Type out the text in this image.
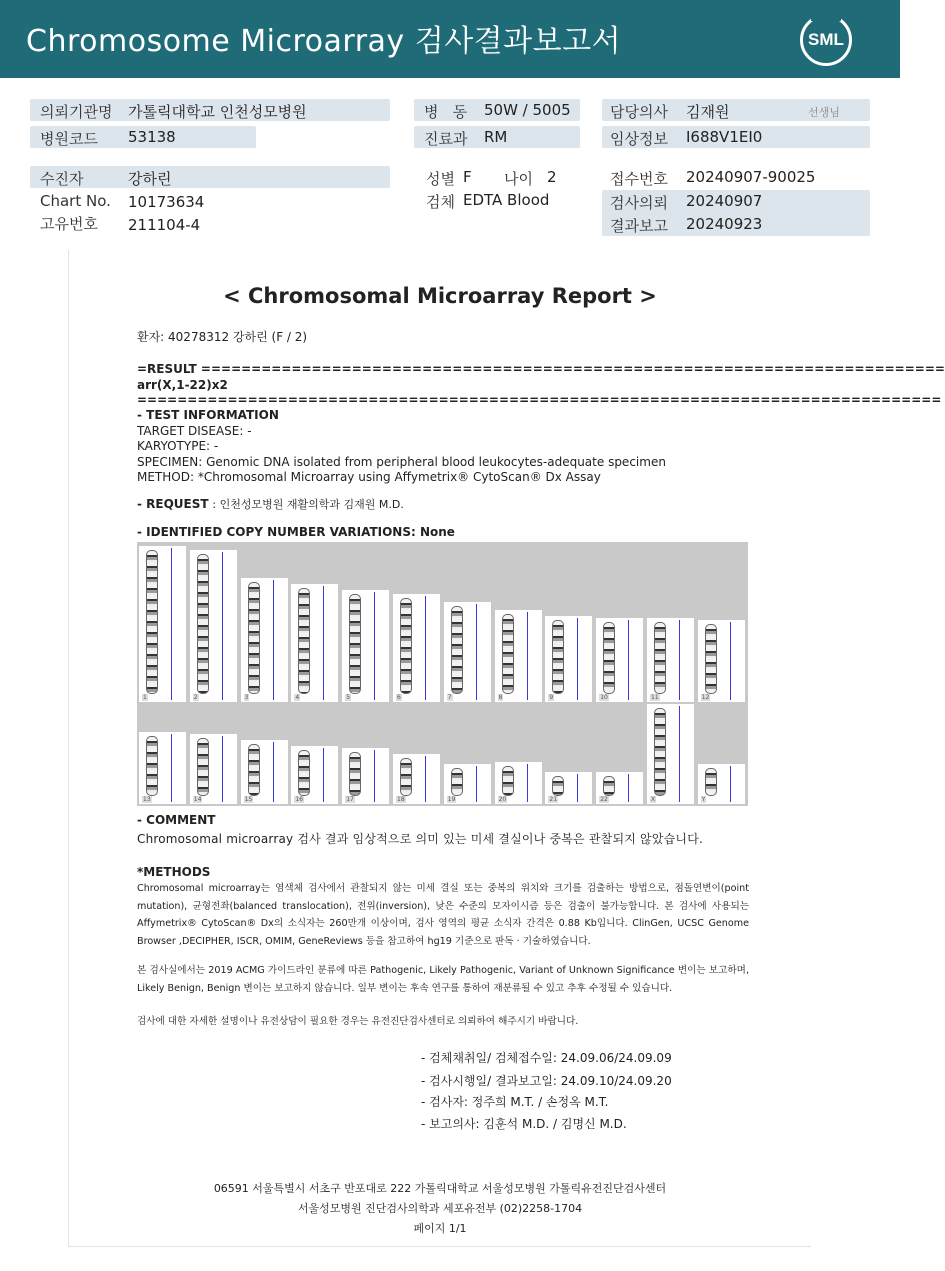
Chromosome Microarray 검사결과보고서	SML
의뢰기관명 가톨릭대학교 인천성모병원
병원코드 53138
병   동 50W / 5005
진료과 RM
담당의사 김재원	선생님
임상정보 I688V1EI0
수진자	강하린
Chart No. 10173634
고유번호 211104-4
성별 F 나이 2
검체 EDTA Blood
접수번호 20240907-90025
검사의뢰 20240907
결과보고 20240923
< Chromosomal Microarray Report >
환자: 40278312 강하린 (F / 2)
=RESULT ==========================================================================
arr(X,1-22)x2
================================================================================
- TEST INFORMATION
TARGET DISEASE: -
KARYOTYPE: -
SPECIMEN: Genomic DNA isolated from peripheral blood leukocytes-adequate specimen
METHOD: *Chromosomal Microarray using Affymetrix® CytoScan® Dx Assay
- REQUEST : 인천성모병원 재활의학과 김재원 M.D.
- IDENTIFIED COPY NUMBER VARIATIONS: None
1	2	3	4	5	6	7	8	9	10	11	12
13	14	15	16	17	18	19	20	21	22	X	Y
- COMMENT
Chromosomal microarray 검사 결과 임상적으로 의미 있는 미세 결실이나 중복은 관찰되지 않았습니다.
*METHODS
Chromosomal microarray는 염색체 검사에서 관찰되지 않는 미세 결실 또는 중복의 위치와 크기를 검출하는 방법으로, 점돌연변이(point mutation), 균형전좌(balanced translocation), 전위(inversion), 낮은 수준의 모자이시즘 등은 검출이 불가능합니다. 본 검사에 사용되는 Affymetrix® CytoScan® Dx의 소식자는 260만개 이상이며, 검사 영역의 평균 소식자 간격은 0.88 Kb입니다. ClinGen, UCSC Genome Browser ,DECIPHER, ISCR, OMIM, GeneReviews 등을 참고하여 hg19 기준으로 판독 · 기술하였습니다.
본 검사실에서는 2019 ACMG 가이드라인 분류에 따른 Pathogenic, Likely Pathogenic, Variant of Unknown Significance 변이는 보고하며, Likely Benign, Benign 변이는 보고하지 않습니다. 일부 변이는 후속 연구를 통하여 재분류될 수 있고 추후 수정될 수 있습니다.
검사에 대한 자세한 설명이나 유전상담이 필요한 경우는 유전진단검사센터로 의뢰하여 해주시기 바랍니다.
- 검체채취일/ 검체접수일: 24.09.06/24.09.09
- 검사시행일/ 결과보고일: 24.09.10/24.09.20
- 검사자: 정주희 M.T. / 손정옥 M.T.
- 보고의사: 김훈석 M.D. / 김명신 M.D.
06591 서울특별시 서초구 반포대로 222 가톨릭대학교 서울성모병원 가톨릭유전진단검사센터
서울성모병원 진단검사의학과 세포유전부 (02)2258-1704
페이지 1/1
